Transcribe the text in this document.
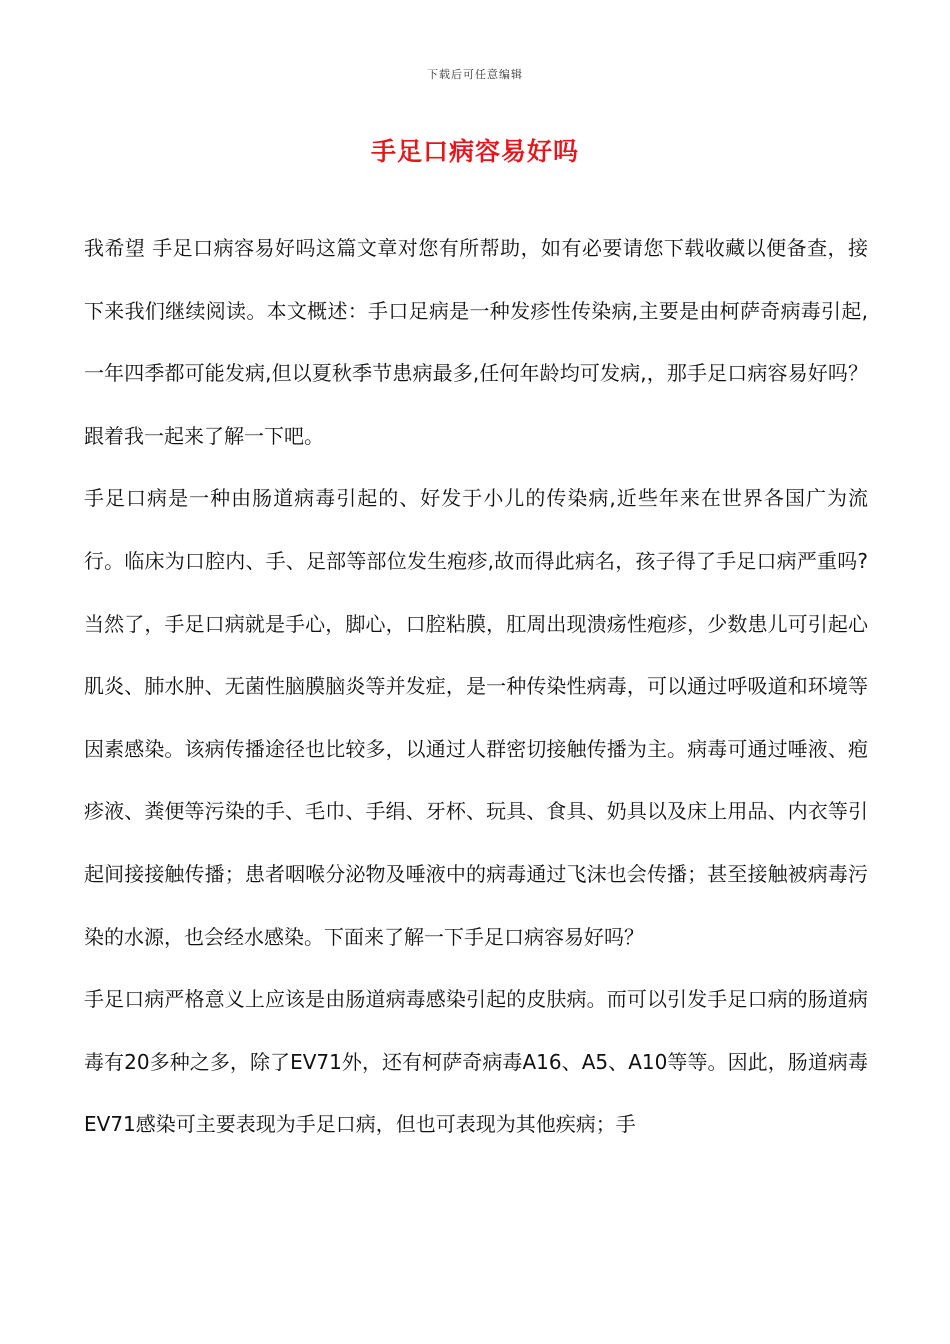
下载后可任意编辑
手足口病容易好吗

我希望 手足口病容易好吗这篇文章对您有所帮助，如有必要请您下载收藏以便备查，接下来我们继续阅读。本文概述：手口足病是一种发疹性传染病,主要是由柯萨奇病毒引起,一年四季都可能发病,但以夏秋季节患病最多,任何年龄均可发病,，那手足口病容易好吗？跟着我一起来了解一下吧。

手足口病是一种由肠道病毒引起的、好发于小儿的传染病,近些年来在世界各国广为流行。临床为口腔内、手、足部等部位发生疱疹,故而得此病名，孩子得了手足口病严重吗?当然了，手足口病就是手心，脚心，口腔粘膜，肛周出现溃疡性疱疹，少数患儿可引起心肌炎、肺水肿、无菌性脑膜脑炎等并发症，是一种传染性病毒，可以通过呼吸道和环境等因素感染。该病传播途径也比较多，以通过人群密切接触传播为主。病毒可通过唾液、疱疹液、粪便等污染的手、毛巾、手绢、牙杯、玩具、食具、奶具以及床上用品、内衣等引起间接接触传播；患者咽喉分泌物及唾液中的病毒通过飞沫也会传播；甚至接触被病毒污染的水源，也会经水感染。下面来了解一下手足口病容易好吗？

手足口病严格意义上应该是由肠道病毒感染引起的皮肤病。而可以引发手足口病的肠道病毒有20多种之多，除了EV71外，还有柯萨奇病毒A16、A5、A10等等。因此，肠道病毒EV71感染可主要表现为手足口病，但也可表现为其他疾病；手
